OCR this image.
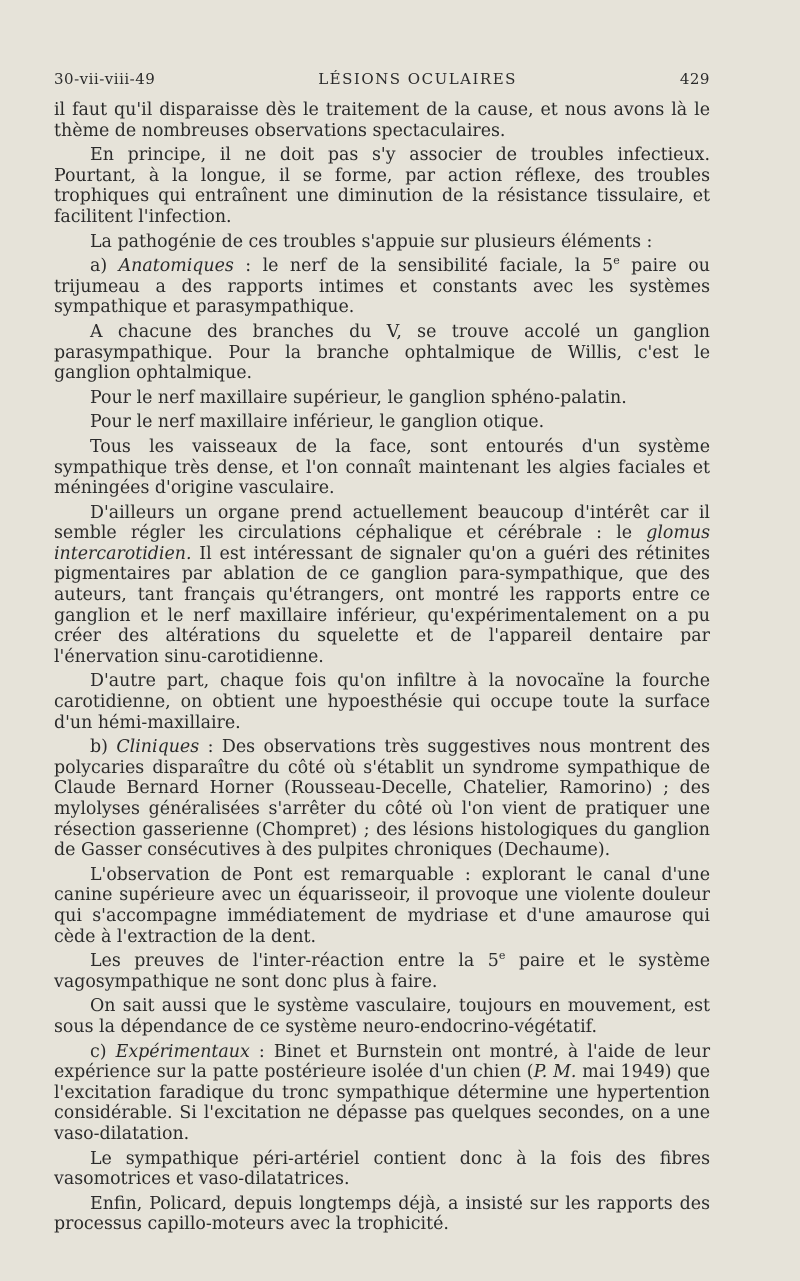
30-vii-viii-49	LÉSIONS OCULAIRES	429

il faut qu'il disparaisse dès le traitement de la cause, et nous avons là le thème de nombreuses observations spectaculaires.

En principe, il ne doit pas s'y associer de troubles infectieux. Pourtant, à la longue, il se forme, par action réflexe, des troubles trophiques qui entraînent une diminution de la résistance tissulaire, et facilitent l'infection.

La pathogénie de ces troubles s'appuie sur plusieurs éléments :

a) Anatomiques : le nerf de la sensibilité faciale, la 5e paire ou trijumeau a des rapports intimes et constants avec les systèmes sympathique et parasympathique.

A chacune des branches du V, se trouve accolé un ganglion parasympathique. Pour la branche ophtalmique de Willis, c'est le ganglion ophtalmique.

Pour le nerf maxillaire supérieur, le ganglion sphéno-palatin.

Pour le nerf maxillaire inférieur, le ganglion otique.

Tous les vaisseaux de la face, sont entourés d'un système sympathique très dense, et l'on connaît maintenant les algies faciales et méningées d'origine vasculaire.

D'ailleurs un organe prend actuellement beaucoup d'intérêt car il semble régler les circulations céphalique et cérébrale : le glomus intercarotidien. Il est intéressant de signaler qu'on a guéri des rétinites pigmentaires par ablation de ce ganglion para-sympathique, que des auteurs, tant français qu'étrangers, ont montré les rapports entre ce ganglion et le nerf maxillaire inférieur, qu'expérimentalement on a pu créer des altérations du squelette et de l'appareil dentaire par l'énervation sinu-carotidienne.

D'autre part, chaque fois qu'on infiltre à la novocaïne la fourche carotidienne, on obtient une hypoesthésie qui occupe toute la surface d'un hémi-maxillaire.

b) Cliniques : Des observations très suggestives nous montrent des polycaries disparaître du côté où s'établit un syndrome sympathique de Claude Bernard Horner (Rousseau-Decelle, Chatelier, Ramorino) ; des mylolyses généralisées s'arrêter du côté où l'on vient de pratiquer une résection gasserienne (Chompret) ; des lésions histologiques du ganglion de Gasser consécutives à des pulpites chroniques (Dechaume).

L'observation de Pont est remarquable : explorant le canal d'une canine supérieure avec un équarisseoir, il provoque une violente douleur qui s'accompagne immédiatement de mydriase et d'une amaurose qui cède à l'extraction de la dent.

Les preuves de l'inter-réaction entre la 5e paire et le système vagosympathique ne sont donc plus à faire.

On sait aussi que le système vasculaire, toujours en mouvement, est sous la dépendance de ce système neuro-endocrino-végétatif.

c) Expérimentaux : Binet et Burnstein ont montré, à l'aide de leur expérience sur la patte postérieure isolée d'un chien (P. M. mai 1949) que l'excitation faradique du tronc sympathique détermine une hypertention considérable. Si l'excitation ne dépasse pas quelques secondes, on a une vaso-dilatation.

Le sympathique péri-artériel contient donc à la fois des fibres vasomotrices et vaso-dilatatrices.

Enfin, Policard, depuis longtemps déjà, a insisté sur les rapports des processus capillo-moteurs avec la trophicité.
